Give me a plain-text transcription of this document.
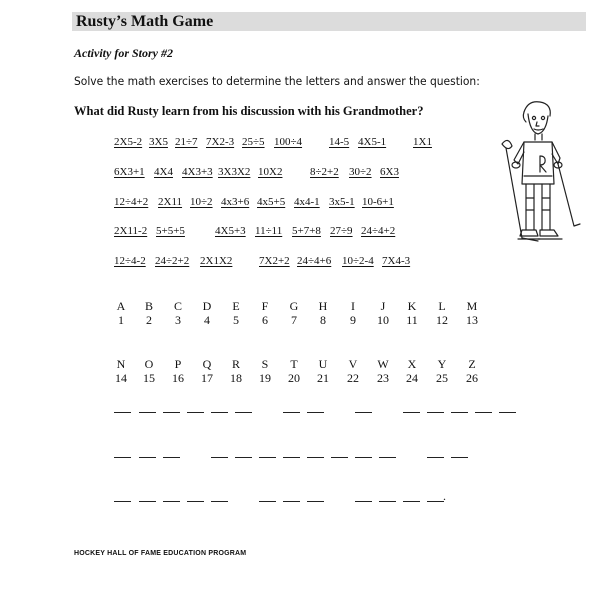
Rusty’s Math Game
Activity for Story #2
Solve the math exercises to determine the letters and answer the question:
What did Rusty learn from his discussion with his Grandmother?
2X5-2 3X5 21÷7 7X2-3 25÷5 100÷4 14-5 4X5-1 1X1
6X3+1 4X4 4X3+3 3X3X2 10X2	8÷2+2 30÷2 6X3
12÷4+2 2X11 10÷2 4x3+6 4x5+5 4x4-1 3x5-1 10-6+1
2X11-2 5+5+5	4X5+3 11÷11 5+7+8 27÷9 24÷4+2
12÷4-2 24÷2+2 2X1X2 7X2+2 24÷4+6 10÷2-4 7X4-3
A
1
B
2
C
3
D
4
E
5
F
6
G
7
H
8
I
9
J
10
K
11
L
12
M
13
N
14
O
15
P
16
Q
17
R
18
S
19
T
20
U
21
V
22
W
23
X
24
Y
25
Z
26
.
HOCKEY HALL OF FAME EDUCATION PROGRAM
